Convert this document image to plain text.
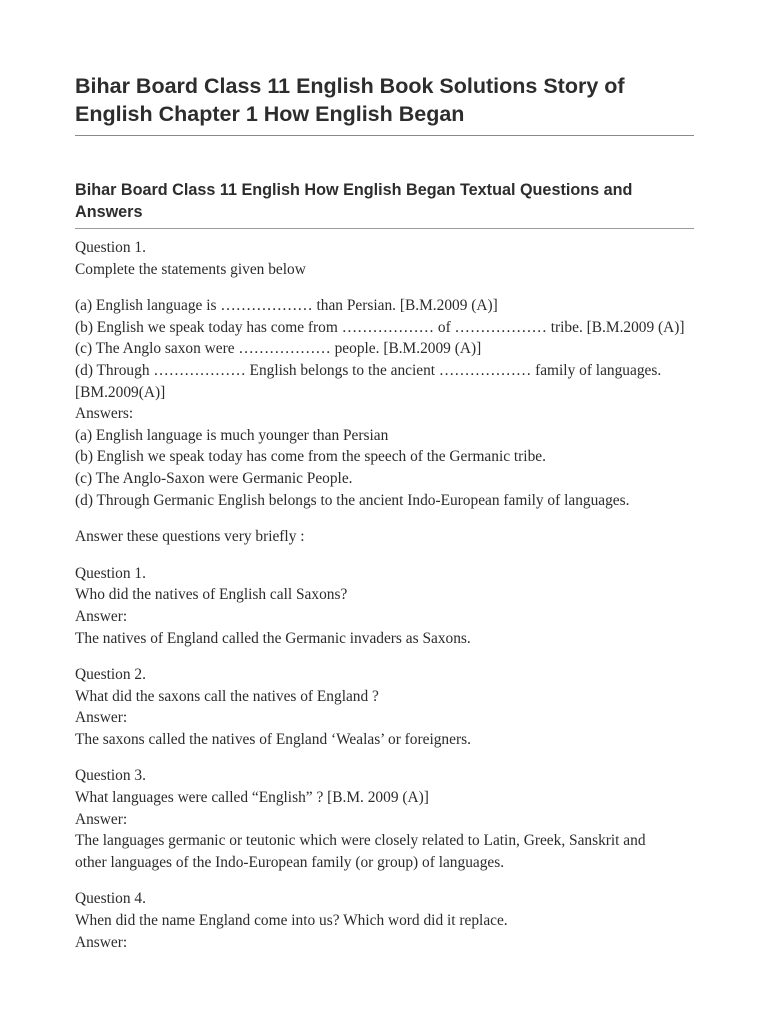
Bihar Board Class 11 English Book Solutions Story of English Chapter 1 How English Began
Bihar Board Class 11 English How English Began Textual Questions and Answers
Question 1.
Complete the statements given below
(a) English language is ……………… than Persian. [B.M.2009 (A)]
(b) English we speak today has come from ……………… of ……………… tribe. [B.M.2009 (A)]
(c) The Anglo saxon were ……………… people. [B.M.2009 (A)]
(d) Through ……………… English belongs to the ancient ……………… family of languages.
[BM.2009(A)]
Answers:
(a) English language is much younger than Persian
(b) English we speak today has come from the speech of the Germanic tribe.
(c) The Anglo-Saxon were Germanic People.
(d) Through Germanic English belongs to the ancient Indo-European family of languages.
Answer these questions very briefly :
Question 1.
Who did the natives of English call Saxons?
Answer:
The natives of England called the Germanic invaders as Saxons.
Question 2.
What did the saxons call the natives of England ?
Answer:
The saxons called the natives of England ‘Wealas’ or foreigners.
Question 3.
What languages were called “English” ? [B.M. 2009 (A)]
Answer:
The languages germanic or teutonic which were closely related to Latin, Greek, Sanskrit and
other languages of the Indo-European family (or group) of languages.
Question 4.
When did the name England come into us? Which word did it replace.
Answer:
